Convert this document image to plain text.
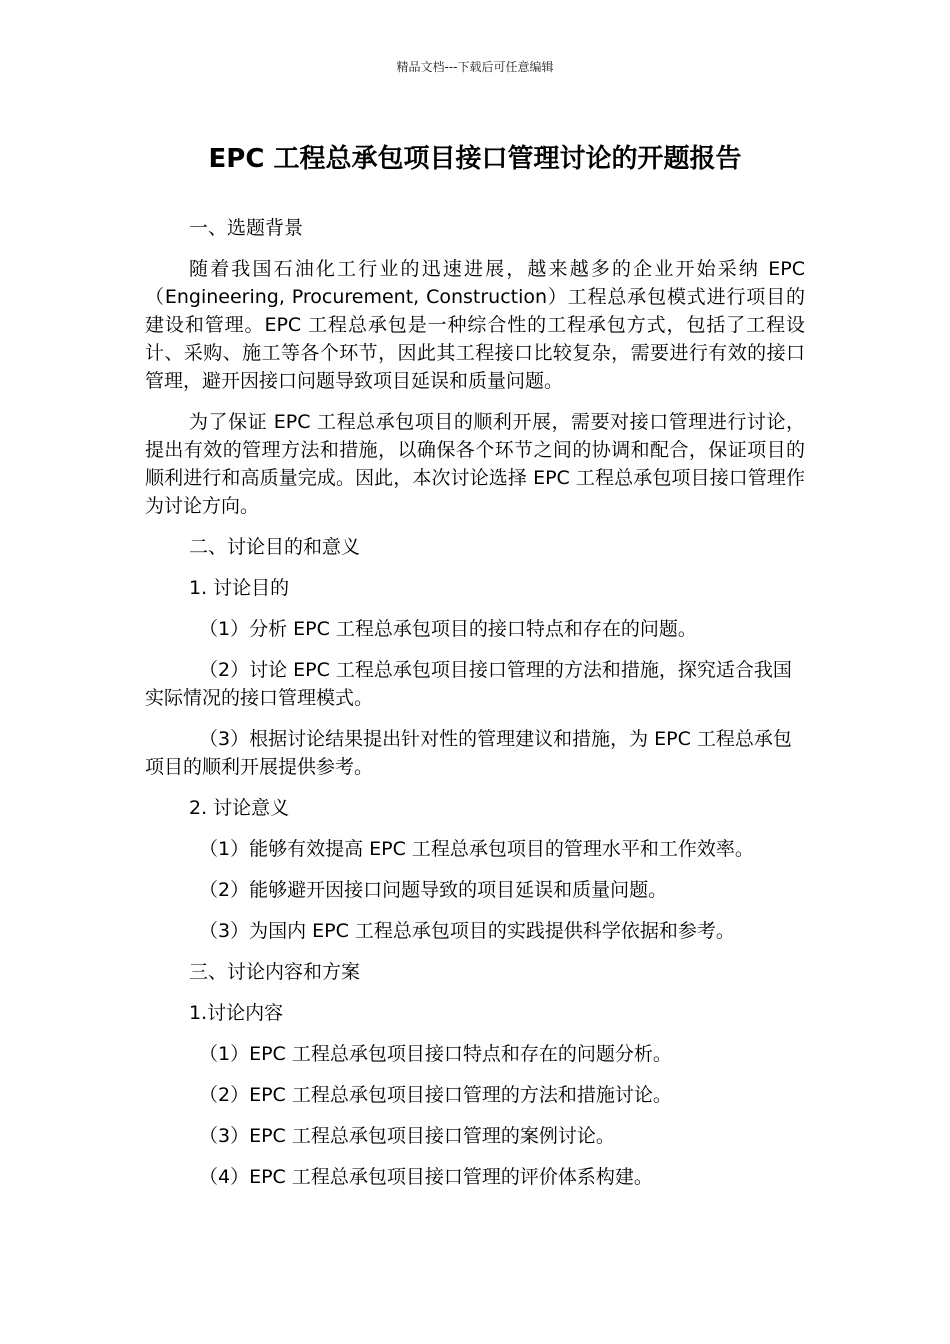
精品文档---下载后可任意编辑
EPC 工程总承包项目接口管理讨论的开题报告
一、选题背景
随着我国石油化工行业的迅速进展，越来越多的企业开始采纳 EPC（Engineering, Procurement, Construction）工程总承包模式进行项目的建设和管理。EPC 工程总承包是一种综合性的工程承包方式，包括了工程设计、采购、施工等各个环节，因此其工程接口比较复杂，需要进行有效的接口管理，避开因接口问题导致项目延误和质量问题。
为了保证 EPC 工程总承包项目的顺利开展，需要对接口管理进行讨论，提出有效的管理方法和措施，以确保各个环节之间的协调和配合，保证项目的顺利进行和高质量完成。因此，本次讨论选择 EPC 工程总承包项目接口管理作为讨论方向。
二、讨论目的和意义
1. 讨论目的
（1）分析 EPC 工程总承包项目的接口特点和存在的问题。
（2）讨论 EPC 工程总承包项目接口管理的方法和措施，探究适合我国实际情况的接口管理模式。
（3）根据讨论结果提出针对性的管理建议和措施，为 EPC 工程总承包项目的顺利开展提供参考。
2. 讨论意义
（1）能够有效提高 EPC 工程总承包项目的管理水平和工作效率。
（2）能够避开因接口问题导致的项目延误和质量问题。
（3）为国内 EPC 工程总承包项目的实践提供科学依据和参考。
三、讨论内容和方案
1.讨论内容
（1）EPC 工程总承包项目接口特点和存在的问题分析。
（2）EPC 工程总承包项目接口管理的方法和措施讨论。
（3）EPC 工程总承包项目接口管理的案例讨论。
（4）EPC 工程总承包项目接口管理的评价体系构建。
